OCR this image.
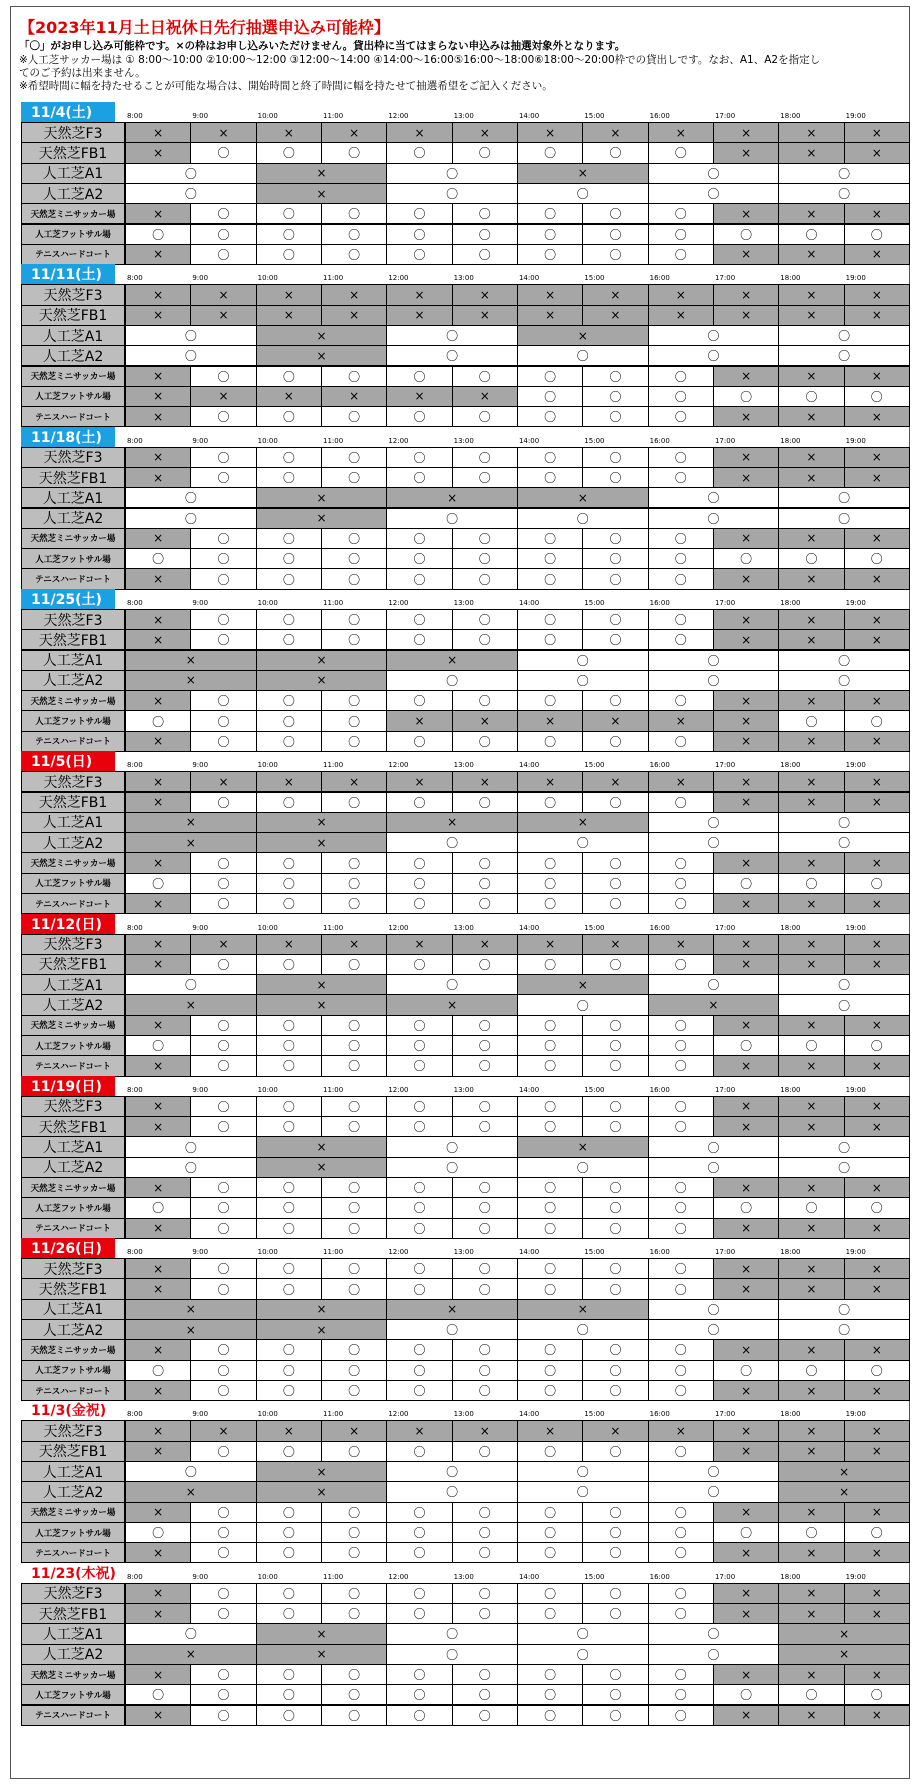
【2023年11月土日祝休日先行抽選申込み可能枠】
「〇」がお申し込み可能枠です。×の枠はお申し込みいただけません。貸出枠に当てはまらない申込みは抽選対象外となります。
※人工芝サッカー場は ① 8:00～10:00 ②10:00～12:00 ③12:00～14:00 ④14:00～16:00⑤16:00～18:00⑥18:00～20:00枠での貸出しです。なお、A1、A2を指定し
てのご予約は出来ません。
※希望時間に幅を持たせることが可能な場合は、開始時間と終了時間に幅を持たせて抽選希望をご記入ください。
11/4(土)	8:00	9:00	10:00	11:00	12:00	13:00	14:00	15:00	16:00	17:00	18:00	19:00
天然芝F3	×	×	×	×	×	×	×	×	×	×	×	×
天然芝FB1	×	〇	〇	〇	〇	〇	〇	〇	〇	×	×	×
人工芝A1	〇	×	〇	×	〇	〇
人工芝A2	〇	×	〇	〇	〇	〇
天然芝ミニサッカー場	×	〇	〇	〇	〇	〇	〇	〇	〇	×	×	×
人工芝フットサル場	〇	〇	〇	〇	〇	〇	〇	〇	〇	〇	〇	〇
テニスハードコート	×	〇	〇	〇	〇	〇	〇	〇	〇	×	×	×
11/11(土)	8:00	9:00	10:00	11:00	12:00	13:00	14:00	15:00	16:00	17:00	18:00	19:00
天然芝F3	×	×	×	×	×	×	×	×	×	×	×	×
天然芝FB1	×	×	×	×	×	×	×	×	×	×	×	×
人工芝A1	〇	×	〇	×	〇	〇
人工芝A2	〇	×	〇	〇	〇	〇
天然芝ミニサッカー場	×	〇	〇	〇	〇	〇	〇	〇	〇	×	×	×
人工芝フットサル場	×	×	×	×	×	×	〇	〇	〇	〇	〇	〇
テニスハードコート	×	〇	〇	〇	〇	〇	〇	〇	〇	×	×	×
11/18(土)	8:00	9:00	10:00	11:00	12:00	13:00	14:00	15:00	16:00	17:00	18:00	19:00
天然芝F3	×	〇	〇	〇	〇	〇	〇	〇	〇	×	×	×
天然芝FB1	×	〇	〇	〇	〇	〇	〇	〇	〇	×	×	×
人工芝A1	〇	×	×	×	〇	〇
人工芝A2	〇	×	〇	〇	〇	〇
天然芝ミニサッカー場	×	〇	〇	〇	〇	〇	〇	〇	〇	×	×	×
人工芝フットサル場	〇	〇	〇	〇	〇	〇	〇	〇	〇	〇	〇	〇
テニスハードコート	×	〇	〇	〇	〇	〇	〇	〇	〇	×	×	×
11/25(土)	8:00	9:00	10:00	11:00	12:00	13:00	14:00	15:00	16:00	17:00	18:00	19:00
天然芝F3	×	〇	〇	〇	〇	〇	〇	〇	〇	×	×	×
天然芝FB1	×	〇	〇	〇	〇	〇	〇	〇	〇	×	×	×
人工芝A1	×	×	×	〇	〇	〇
人工芝A2	×	×	〇	〇	〇	〇
天然芝ミニサッカー場	×	〇	〇	〇	〇	〇	〇	〇	〇	×	×	×
人工芝フットサル場	〇	〇	〇	〇	×	×	×	×	×	×	〇	〇
テニスハードコート	×	〇	〇	〇	〇	〇	〇	〇	〇	×	×	×
11/5(日)	8:00	9:00	10:00	11:00	12:00	13:00	14:00	15:00	16:00	17:00	18:00	19:00
天然芝F3	×	×	×	×	×	×	×	×	×	×	×	×
天然芝FB1	×	〇	〇	〇	〇	〇	〇	〇	〇	×	×	×
人工芝A1	×	×	×	×	〇	〇
人工芝A2	×	×	〇	〇	〇	〇
天然芝ミニサッカー場	×	〇	〇	〇	〇	〇	〇	〇	〇	×	×	×
人工芝フットサル場	〇	〇	〇	〇	〇	〇	〇	〇	〇	〇	〇	〇
テニスハードコート	×	〇	〇	〇	〇	〇	〇	〇	〇	×	×	×
11/12(日)	8:00	9:00	10:00	11:00	12:00	13:00	14:00	15:00	16:00	17:00	18:00	19:00
天然芝F3	×	×	×	×	×	×	×	×	×	×	×	×
天然芝FB1	×	〇	〇	〇	〇	〇	〇	〇	〇	×	×	×
人工芝A1	〇	×	〇	×	〇	〇
人工芝A2	×	×	×	〇	×	〇
天然芝ミニサッカー場	×	〇	〇	〇	〇	〇	〇	〇	〇	×	×	×
人工芝フットサル場	〇	〇	〇	〇	〇	〇	〇	〇	〇	〇	〇	〇
テニスハードコート	×	〇	〇	〇	〇	〇	〇	〇	〇	×	×	×
11/19(日)	8:00	9:00	10:00	11:00	12:00	13:00	14:00	15:00	16:00	17:00	18:00	19:00
天然芝F3	×	〇	〇	〇	〇	〇	〇	〇	〇	×	×	×
天然芝FB1	×	〇	〇	〇	〇	〇	〇	〇	〇	×	×	×
人工芝A1	〇	×	〇	×	〇	〇
人工芝A2	〇	×	〇	〇	〇	〇
天然芝ミニサッカー場	×	〇	〇	〇	〇	〇	〇	〇	〇	×	×	×
人工芝フットサル場	〇	〇	〇	〇	〇	〇	〇	〇	〇	〇	〇	〇
テニスハードコート	×	〇	〇	〇	〇	〇	〇	〇	〇	×	×	×
11/26(日)	8:00	9:00	10:00	11:00	12:00	13:00	14:00	15:00	16:00	17:00	18:00	19:00
天然芝F3	×	〇	〇	〇	〇	〇	〇	〇	〇	×	×	×
天然芝FB1	×	〇	〇	〇	〇	〇	〇	〇	〇	×	×	×
人工芝A1	×	×	×	×	〇	〇
人工芝A2	×	×	〇	〇	〇	〇
天然芝ミニサッカー場	×	〇	〇	〇	〇	〇	〇	〇	〇	×	×	×
人工芝フットサル場	〇	〇	〇	〇	〇	〇	〇	〇	〇	〇	〇	〇
テニスハードコート	×	〇	〇	〇	〇	〇	〇	〇	〇	×	×	×
11/3(金祝)	8:00	9:00	10:00	11:00	12:00	13:00	14:00	15:00	16:00	17:00	18:00	19:00
天然芝F3	×	×	×	×	×	×	×	×	×	×	×	×
天然芝FB1	×	〇	〇	〇	〇	〇	〇	〇	〇	×	×	×
人工芝A1	〇	×	〇	〇	〇	×
人工芝A2	×	×	〇	〇	〇	×
天然芝ミニサッカー場	×	〇	〇	〇	〇	〇	〇	〇	〇	×	×	×
人工芝フットサル場	〇	〇	〇	〇	〇	〇	〇	〇	〇	〇	〇	〇
テニスハードコート	×	〇	〇	〇	〇	〇	〇	〇	〇	×	×	×
11/23(木祝) 8:00	9:00	10:00	11:00	12:00	13:00	14:00	15:00	16:00	17:00	18:00	19:00
天然芝F3	×	〇	〇	〇	〇	〇	〇	〇	〇	×	×	×
天然芝FB1	×	〇	〇	〇	〇	〇	〇	〇	〇	×	×	×
人工芝A1	〇	×	〇	〇	〇	×
人工芝A2	×	×	〇	〇	〇	×
天然芝ミニサッカー場	×	〇	〇	〇	〇	〇	〇	〇	〇	×	×	×
人工芝フットサル場	〇	〇	〇	〇	〇	〇	〇	〇	〇	〇	〇	〇
テニスハードコート	×	〇	〇	〇	〇	〇	〇	〇	〇	×	×	×
